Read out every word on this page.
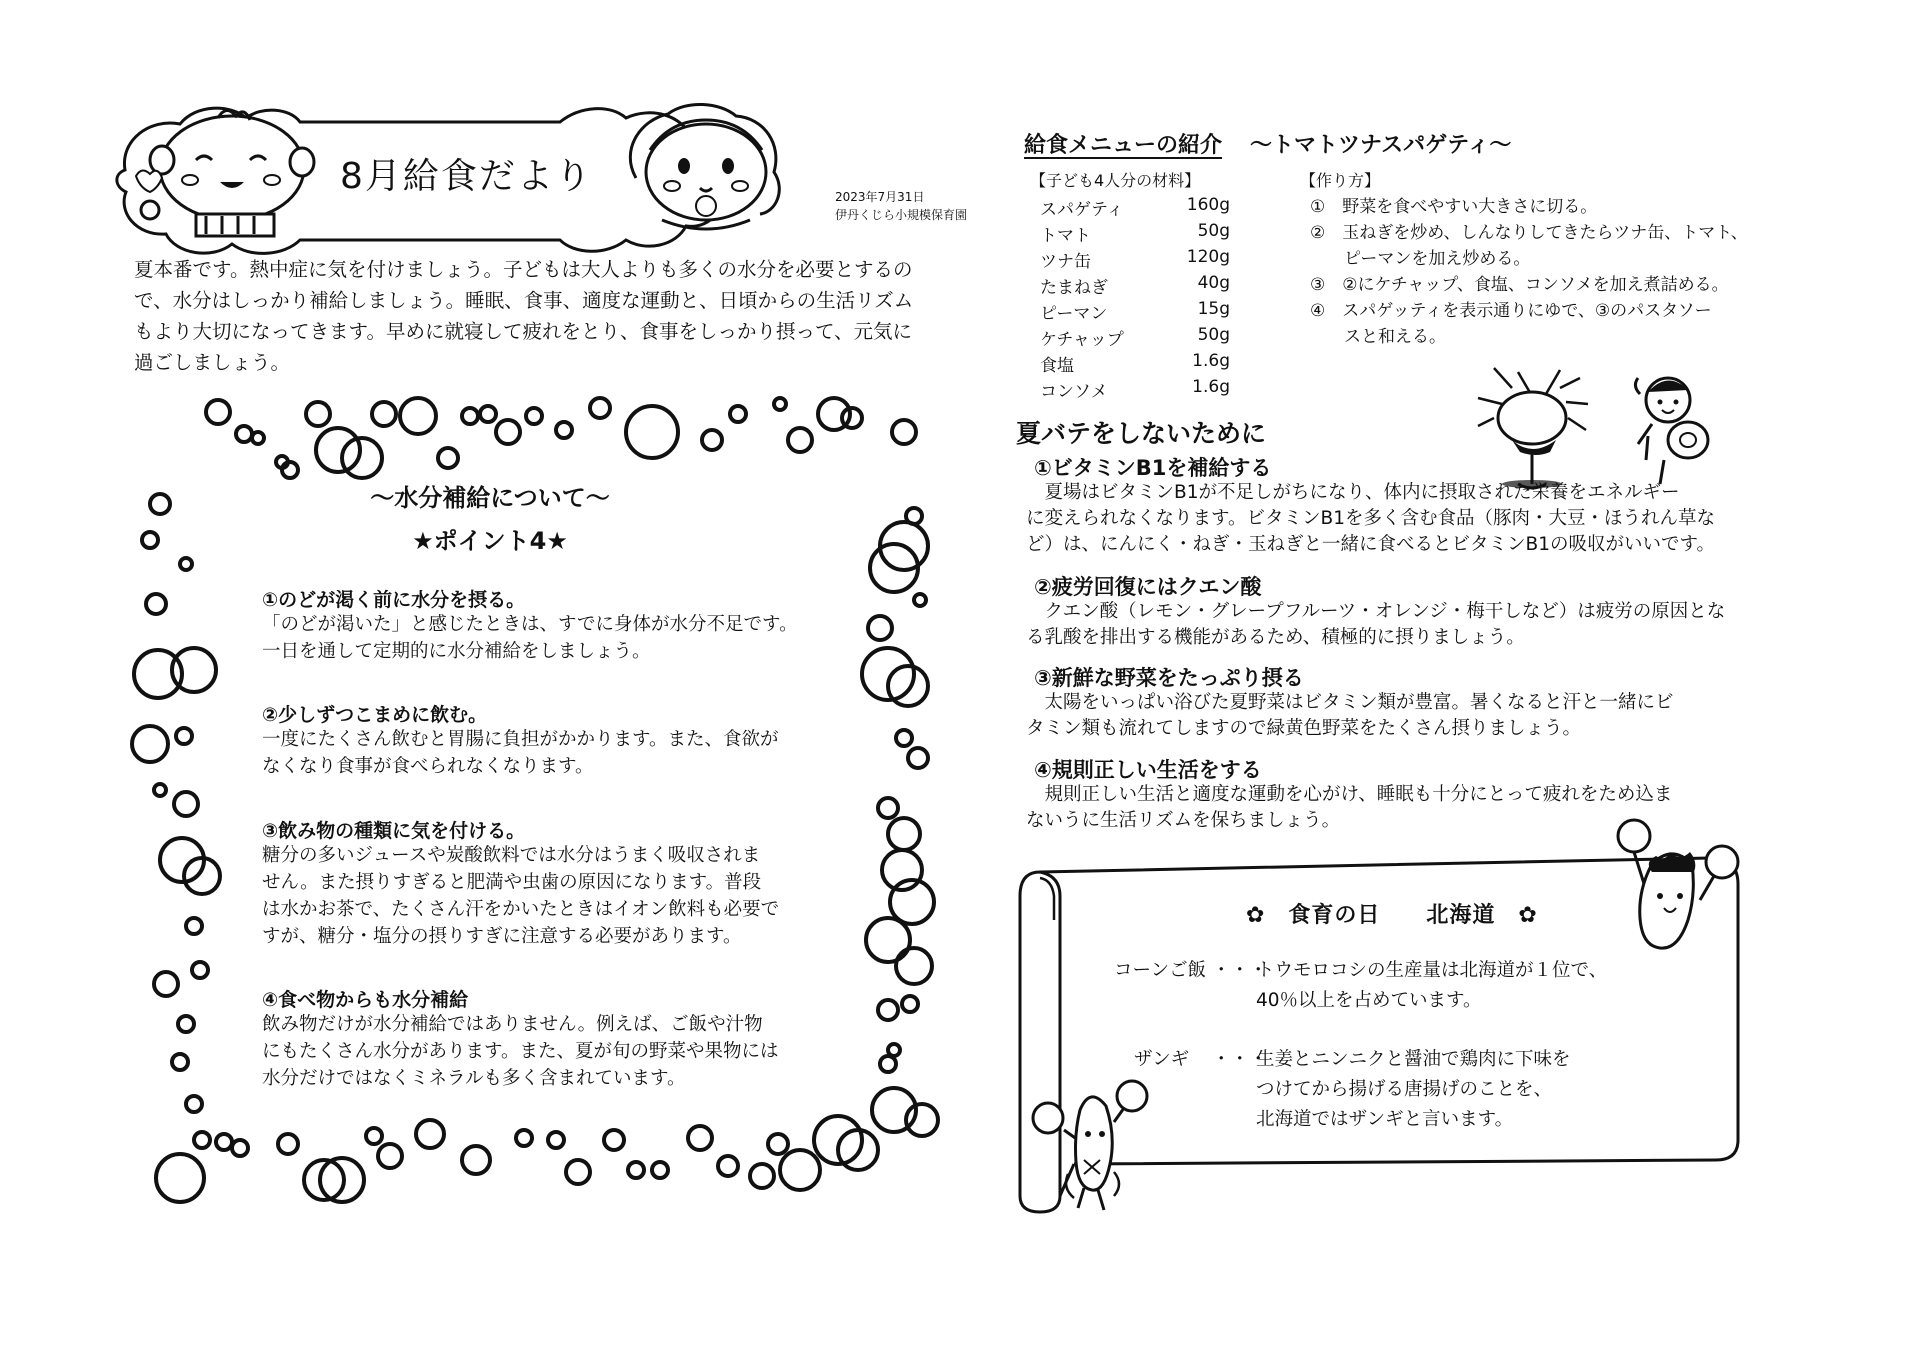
8月給食だより	2023年7月31日
伊丹くじら小規模保育園

夏本番です。熱中症に気を付けましょう。子どもは大人よりも多くの水分を必要とするので、水分はしっかり補給しましょう。睡眠、食事、適度な運動と、日頃からの生活リズムもより大切になってきます。早めに就寝して疲れをとり、食事をしっかり摂って、元気に過ごしましょう。

～水分補給について～
★ポイント4★
①のどが渇く前に水分を摂る。
「のどが渇いた」と感じたときは、すでに身体が水分不足です。
一日を通して定期的に水分補給をしましょう。
②少しずつこまめに飲む。
一度にたくさん飲むと胃腸に負担がかかります。また、食欲が
なくなり食事が食べられなくなります。
③飲み物の種類に気を付ける。
糖分の多いジュースや炭酸飲料では水分はうまく吸収されま
せん。また摂りすぎると肥満や虫歯の原因になります。普段
は水かお茶で、たくさん汗をかいたときはイオン飲料も必要で
すが、糖分・塩分の摂りすぎに注意する必要があります。
④食べ物からも水分補給
飲み物だけが水分補給ではありません。例えば、ご飯や汁物
にもたくさん水分があります。また、夏が旬の野菜や果物には
水分だけではなくミネラルも多く含まれています。
給食メニューの紹介 ～トマトツナスパゲティ～
【子ども4人分の材料】
スパゲティ	160g
トマト	50g
ツナ缶	120g
たまねぎ	40g
ピーマン	15g
ケチャップ	50g
食塩	1.6g
コンソメ	1.6g
【作り方】
①　野菜を食べやすい大きさに切る。
②　玉ねぎを炒め、しんなりしてきたらツナ缶、トマト、
　　ピーマンを加え炒める。
③　②にケチャップ、食塩、コンソメを加え煮詰める。
④　スパゲッティを表示通りにゆで、③のパスタソー
　　スと和える。
夏バテをしないために
①ビタミンB1を補給する
　夏場はビタミンB1が不足しがちになり、体内に摂取された栄養をエネルギー
に変えられなくなります。ビタミンB1を多く含む食品（豚肉・大豆・ほうれん草な
ど）は、にんにく・ねぎ・玉ねぎと一緒に食べるとビタミンB1の吸収がいいです。
②疲労回復にはクエン酸
　クエン酸（レモン・グレープフルーツ・オレンジ・梅干しなど）は疲労の原因とな
る乳酸を排出する機能があるため、積極的に摂りましょう。
③新鮮な野菜をたっぷり摂る
　太陽をいっぱい浴びた夏野菜はビタミン類が豊富。暑くなると汗と一緒にビ
タミン類も流れてしますので緑黄色野菜をたくさん摂りましょう。
④規則正しい生活をする
　規則正しい生活と適度な運動を心がけ、睡眠も十分にとって疲れをため込ま
ないうに生活リズムを保ちましょう。
✿　食育の日　　北海道　✿
コーンご飯 ・・・
トウモロコシの生産量は北海道が１位で、
40％以上を占めています。
ザンギ ・・・
生姜とニンニクと醤油で鶏肉に下味を
つけてから揚げる唐揚げのことを、
北海道ではザンギと言います。
